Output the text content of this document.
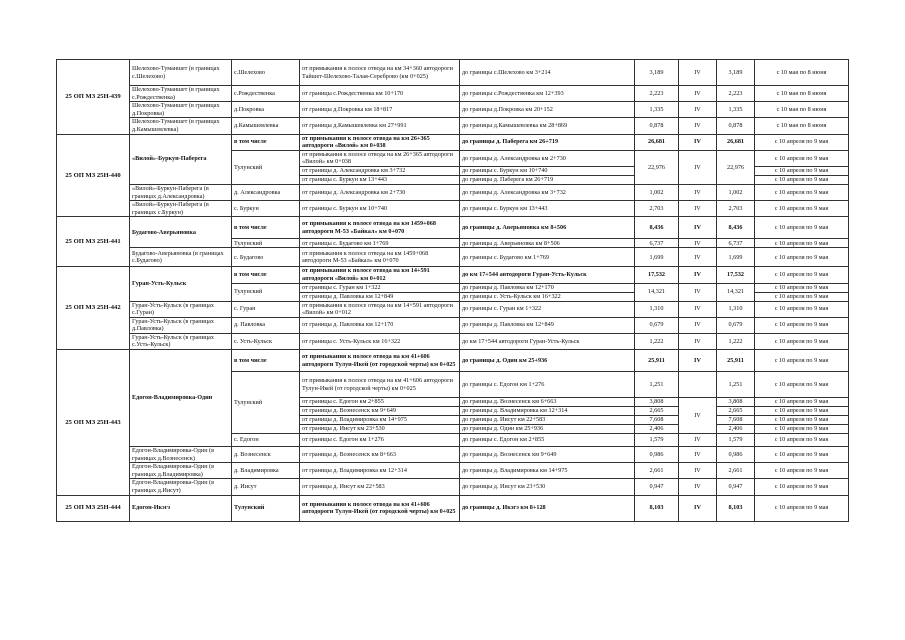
25 ОП МЗ 25Н-439	Шелехово-Туманшет (в границах с.Шелехово)	с.Шелехово	от примыкания к полосе отвода на км 34+360 автодороги Тайшет-Шелехово-Талая-Сереброво (км 0+025)	до границы с.Шелехово км 3+214	3,189	IV	3,189	с 10 мая по 8 июня
	Шелехово-Туманшет (в границах с.Рождественка)	с.Рождественка	от границы с.Рождественка км 10+170	до границы с.Рождественка км 12+393	2,223	IV	2,223	с 10 мая по 8 июня
	Шелехово-Туманшет (в границах д.Покровка)	д.Покровка	от границы д.Покровка км 18+817	до границы д.Покровка км 20+152	1,335	IV	1,335	с 10 мая по 8 июня
	Шелехово-Туманшет (в границах д.Камышевлевка)	д.Камышевлевка	от границы д.Камышевлевка км 27+991	до границы д.Камышевлевка км 28+869	0,878	IV	0,878	с 10 мая по 8 июня
25 ОП МЗ 25Н-440	«Вилой»-Буркун-Паберега	в том числе	от примыкания к полосе отвода на км 26+365 автодороги «Вилой» км 0+038	до границы д. Паберега км 26+719	26,681	IV	26,681	с 10 апреля по 9 мая
		Тулунский	от примыкания к полосе отвода на км 26+365 автодороги «Вилой» км 0+038	до границы д. Александровка км 2+730	22,976	IV	22,976	с 10 апреля по 9 мая
			от границы д. Александровка км 3+732	до границы с. Буркун км 10+740				с 10 апреля по 9 мая
			от границы с. Буркун км 13+443	до границы д. Паберега км 26+719				с 10 апреля по 9 мая
	«Вилой»-Буркун-Паберега (в границах д.Александровка)	д. Александровка	от границы д. Александровка км 2+730	до границы д. Александровка км 3+732	1,002	IV	1,002	с 10 апреля по 9 мая
	«Вилой»-Буркун-Паберега (в границах с.Буркун)	с. Буркун	от границы с. Буркун км 10+740	до границы с. Буркун км 13+443	2,703	IV	2,703	с 10 апреля по 9 мая
25 ОП МЗ 25Н-441	Будагово-Аверьяновка	в том числе	от примыкания к полосе отвода на км 1459+068 автодороги М-53 «Байкал» км 0+070	до границы д. Аверьяновка км 8+506	8,436	IV	8,436	с 10 апреля по 9 мая
		Тулунский	от границы с. Будагово км 1+769	до границы д. Аверьяновка км 8+506	6,737	IV	6,737	с 10 апреля по 9 мая
	Будагово-Аверьяновка (в границах с.Будагово)	с. Будагово	от примыкания к полосе отвода на км 1459+068 автодороги М-53 «Байкал» км 0+070	до границы с. Будагово км 1+769	1,699	IV	1,699	с 10 апреля по 9 мая
25 ОП МЗ 25Н-442	Гуран-Усть-Кульск	в том числе	от примыкания к полосе отвода на км 14+591 автодороги «Вилой» км 0+012	до км 17+544 автодороги Гуран-Усть-Кульск	17,532	IV	17,532	с 10 апреля по 9 мая
		Тулунский	от границы с. Гуран км 1+322	до границы д. Павловка км 12+170	14,321	IV	14,321	с 10 апреля по 9 мая
			от границы д. Павловка км 12+849	до границы с. Усть-Кульск км 16+322				с 10 апреля по 9 мая
	Гуран-Усть-Кульск (в границах с.Гуран)	с. Гуран	от примыкания к полосе отвода на км 14+591 автодороги «Вилой» км 0+012	до границы с. Гуран км 1+322	1,310	IV	1,310	с 10 апреля по 9 мая
	Гуран-Усть-Кульск (в границах д.Павловка)	д. Павловка	от границы д. Павловка км 12+170	до границы д. Павловка км 12+849	0,679	IV	0,679	с 10 апреля по 9 мая
	Гуран-Усть-Кульск (в границах с.Усть-Кульск)	с. Усть-Кульск	от границы с. Усть-Кульск км 16+322	до км 17+544 автодороги Гуран-Усть-Кульск	1,222	IV	1,222	с 10 апреля по 9 мая
25 ОП МЗ 25Н-443	Едогон-Владимировка-Один	в том числе	от примыкания к полосе отвода на км 41+606 автодороги Тулун-Икей (от городской черты) км 0+025	до границы д. Один км 25+936	25,911	IV	25,911	с 10 апреля по 9 мая
		Тулунский	от примыкания к полосе отвода на км 41+606 автодороги Тулун-Икей (от городской черты) км 0+025	до границы с. Едогон км 1+276	1,251		1,251	с 10 апреля по 9 мая
			от границы с. Едогон км 2+855	до границы д. Вознесенск км 6+663	3,808	IV	3,808	с 10 апреля по 9 мая
			от границы д. Вознесенск км 9+649	до границы д. Владимировка км 12+314	2,665		2,665	с 10 апреля по 9 мая
			от границы д. Владимировка км 14+975	до границы д. Иисут км 22+583	7,608		7,608	с 10 апреля по 9 мая
			от границы д. Иисут км 23+530	до границы д. Один км 25+936	2,406		2,406	с 10 апреля по 9 мая
		с. Едогон	от границы с. Едогон км 1+276	до границы с. Едогон км 2+855	1,579	IV	1,579	с 10 апреля по 9 мая
	Едогон-Владимировка-Один (в границах д.Вознесенск)	д. Вознесенск	от границы д. Вознесенск км 8+663	до границы д. Вознесенск км 9+649	0,986	IV	0,986	с 10 апреля по 9 мая
	Едогон-Владимировка-Один (в границах д.Владимировка)	д. Владимировка	от границы д. Владимировка км 12+314	до границы д. Владимировка км 14+975	2,661	IV	2,661	с 10 апреля по 9 мая
	Едогон-Владимировка-Один (в границах д.Иисут)	д. Иисут	от границы д. Иисут км 22+583	до границы д. Иисут км 23+530	0,947	IV	0,947	с 10 апреля по 9 мая
25 ОП МЗ 25Н-444	Едогон-Икэгэ	Тулунский	от примыкания к полосе отвода на км 41+606 автодороги Тулун-Икей (от городской черты) км 0+025	до границы д. Икэгэ км 8+128	8,103	IV	8,103	с 10 апреля по 9 мая
